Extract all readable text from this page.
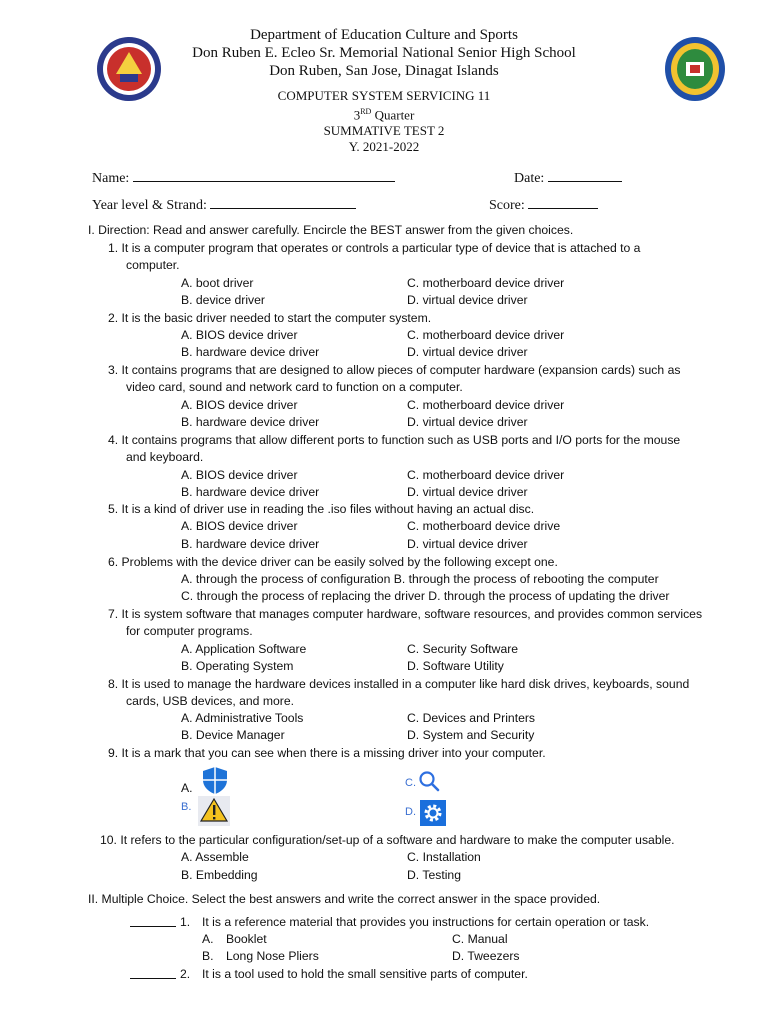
Department of Education Culture and Sports
Don Ruben E. Ecleo Sr. Memorial National Senior High School
Don Ruben, San Jose, Dinagat Islands
COMPUTER SYSTEM SERVICING 11
3RD Quarter
SUMMATIVE TEST 2
Y. 2021-2022
Name:	Date:
Year level & Strand:	Score:
I. Direction: Read and answer carefully. Encircle the BEST answer from the given choices.
1. It is a computer program that operates or controls a particular type of device that is attached to a
computer.
A. boot driver	C. motherboard device driver
B. device driver	D. virtual device driver
2. It is the basic driver needed to start the computer system.
A. BIOS device driver	C. motherboard device driver
B. hardware device driver	D. virtual device driver
3. It contains programs that are designed to allow pieces of computer hardware (expansion cards) such as
video card, sound and network card to function on a computer.
A. BIOS device driver	C. motherboard device driver
B. hardware device driver	D. virtual device driver
4. It contains programs that allow different ports to function such as USB ports and I/O ports for the mouse
and keyboard.
A. BIOS device driver	C. motherboard device driver
B. hardware device driver	D. virtual device driver
5. It is a kind of driver use in reading the .iso files without having an actual disc.
A. BIOS device driver	C. motherboard device drive
B. hardware device driver	D. virtual device driver
6. Problems with the device driver can be easily solved by the following except one.
A. through the process of configuration B. through the process of rebooting the computer
C. through the process of replacing the driver D. through the process of updating the driver
7. It is system software that manages computer hardware, software resources, and provides common services
for computer programs.
A. Application Software	C. Security Software
B. Operating System	D. Software Utility
8. It is used to manage the hardware devices installed in a computer like hard disk drives, keyboards, sound
cards, USB devices, and more.
A. Administrative Tools	C. Devices and Printers
B. Device Manager	D. System and Security
9. It is a mark that you can see when there is a missing driver into your computer.
A.
B.
C.
D.
10. It refers to the particular configuration/set-up of a software and hardware to make the computer usable.
A. Assemble	C. Installation
B. Embedding	D. Testing
II. Multiple Choice. Select the best answers and write the correct answer in the space provided.
1. It is a reference material that provides you instructions for certain operation or task.
A. Booklet	C. Manual
B. Long Nose Pliers	D. Tweezers
2. It is a tool used to hold the small sensitive parts of computer.
